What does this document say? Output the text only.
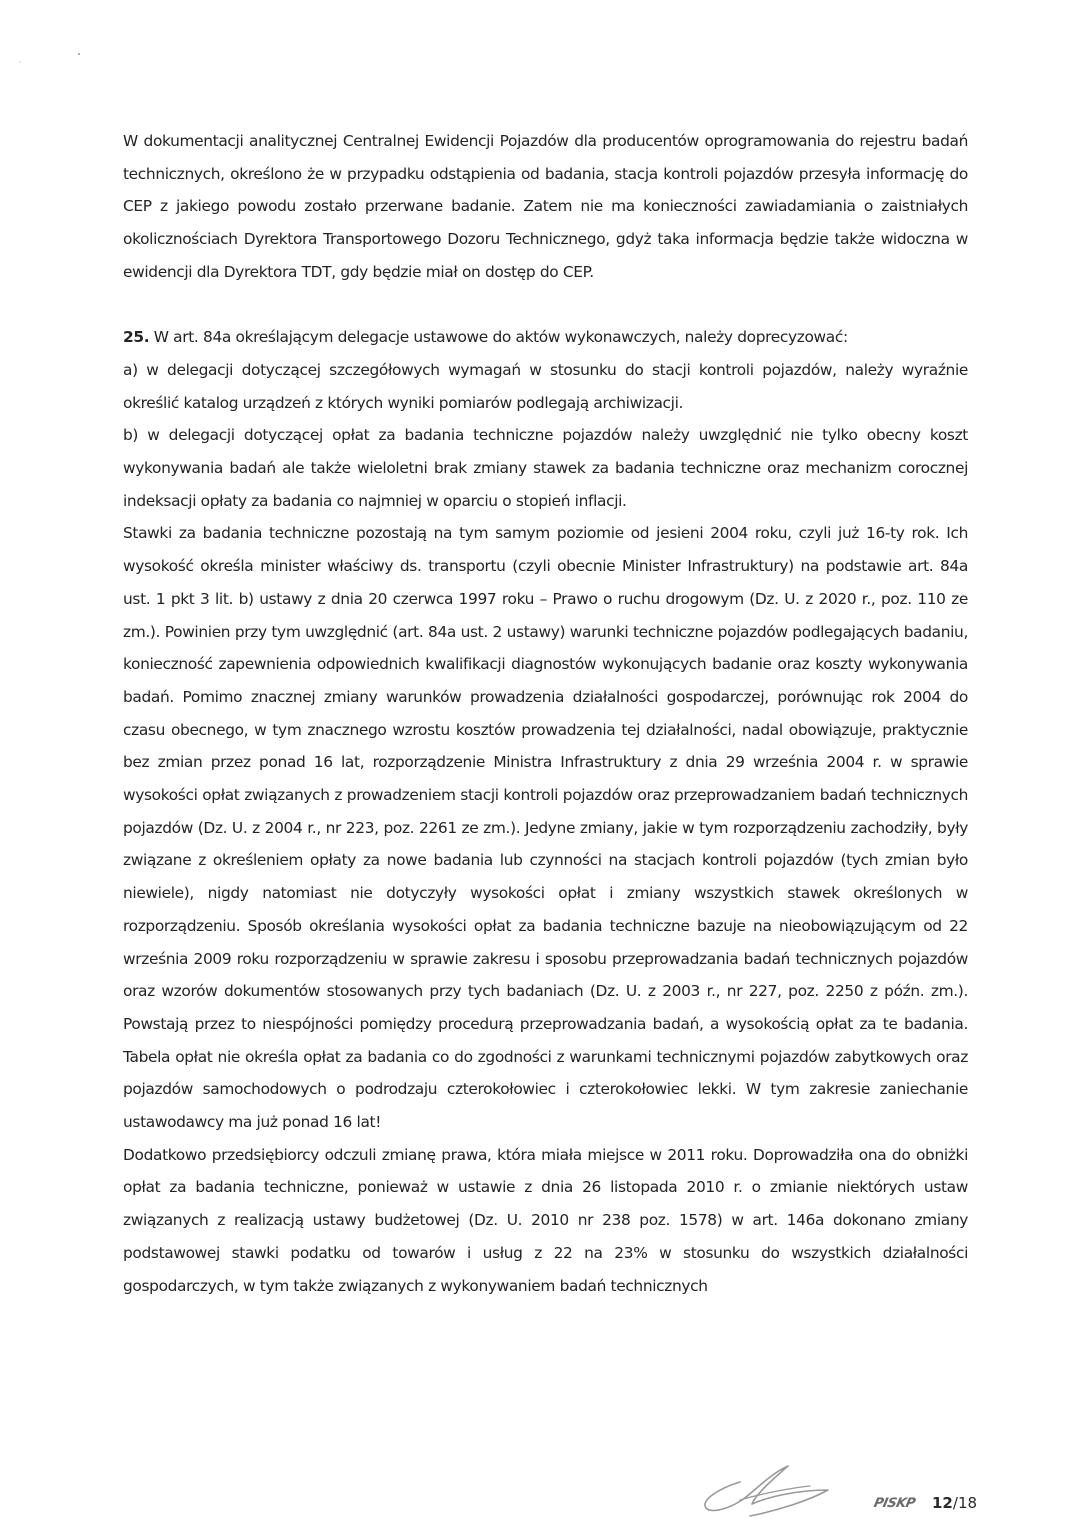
W dokumentacji analitycznej Centralnej Ewidencji Pojazdów dla producentów oprogramowania do rejestru badań technicznych, określono że w przypadku odstąpienia od badania, stacja kontroli pojazdów przesyła informację do CEP z jakiego powodu zostało przerwane badanie. Zatem nie ma konieczności zawiadamiania o zaistniałych okolicznościach Dyrektora Transportowego Dozoru Technicznego, gdyż taka informacja będzie także widoczna w ewidencji dla Dyrektora TDT, gdy będzie miał on dostęp do CEP.

25. W art. 84a określającym delegacje ustawowe do aktów wykonawczych, należy doprecyzować:

a) w delegacji dotyczącej szczegółowych wymagań w stosunku do stacji kontroli pojazdów, należy wyraźnie określić katalog urządzeń z których wyniki pomiarów podlegają archiwizacji.

b) w delegacji dotyczącej opłat za badania techniczne pojazdów należy uwzględnić nie tylko obecny koszt wykonywania badań ale także wieloletni brak zmiany stawek za badania techniczne oraz mechanizm corocznej indeksacji opłaty za badania co najmniej w oparciu o stopień inflacji.

Stawki za badania techniczne pozostają na tym samym poziomie od jesieni 2004 roku, czyli już 16-ty rok. Ich wysokość określa minister właściwy ds. transportu (czyli obecnie Minister Infrastruktury) na podstawie art. 84a ust. 1 pkt 3 lit. b) ustawy z dnia 20 czerwca 1997 roku – Prawo o ruchu drogowym (Dz. U. z 2020 r., poz. 110 ze zm.). Powinien przy tym uwzględnić (art. 84a ust. 2 ustawy) warunki techniczne pojazdów podlegających badaniu, konieczność zapewnienia odpowiednich kwalifikacji diagnostów wykonujących badanie oraz koszty wykonywania badań. Pomimo znacznej zmiany warunków prowadzenia działalności gospodarczej, porównując rok 2004 do czasu obecnego, w tym znacznego wzrostu kosztów prowadzenia tej działalności, nadal obowiązuje, praktycznie bez zmian przez ponad 16 lat, rozporządzenie Ministra Infrastruktury z dnia 29 września 2004 r. w sprawie wysokości opłat związanych z prowadzeniem stacji kontroli pojazdów oraz przeprowadzaniem badań technicznych pojazdów (Dz. U. z 2004 r., nr 223, poz. 2261 ze zm.). Jedyne zmiany, jakie w tym rozporządzeniu zachodziły, były związane z określeniem opłaty za nowe badania lub czynności na stacjach kontroli pojazdów (tych zmian było niewiele), nigdy natomiast nie dotyczyły wysokości opłat i zmiany wszystkich stawek określonych w rozporządzeniu. Sposób określania wysokości opłat za badania techniczne bazuje na nieobowiązującym od 22 września 2009 roku rozporządzeniu w sprawie zakresu i sposobu przeprowadzania badań technicznych pojazdów oraz wzorów dokumentów stosowanych przy tych badaniach (Dz. U. z 2003 r., nr 227, poz. 2250 z późn. zm.). Powstają przez to niespójności pomiędzy procedurą przeprowadzania badań, a wysokością opłat za te badania. Tabela opłat nie określa opłat za badania co do zgodności z warunkami technicznymi pojazdów zabytkowych oraz pojazdów samochodowych o podrodzaju czterokołowiec i czterokołowiec lekki. W tym zakresie zaniechanie ustawodawcy ma już ponad 16 lat!

Dodatkowo przedsiębiorcy odczuli zmianę prawa, która miała miejsce w 2011 roku. Doprowadziła ona do obniżki opłat za badania techniczne, ponieważ w ustawie z dnia 26 listopada 2010 r. o zmianie niektórych ustaw związanych z realizacją ustawy budżetowej (Dz. U. 2010 nr 238 poz. 1578) w art. 146a dokonano zmiany podstawowej stawki podatku od towarów i usług z 22 na 23% w stosunku do wszystkich działalności gospodarczych, w tym także związanych z wykonywaniem badań technicznych

PISKP 12/18
